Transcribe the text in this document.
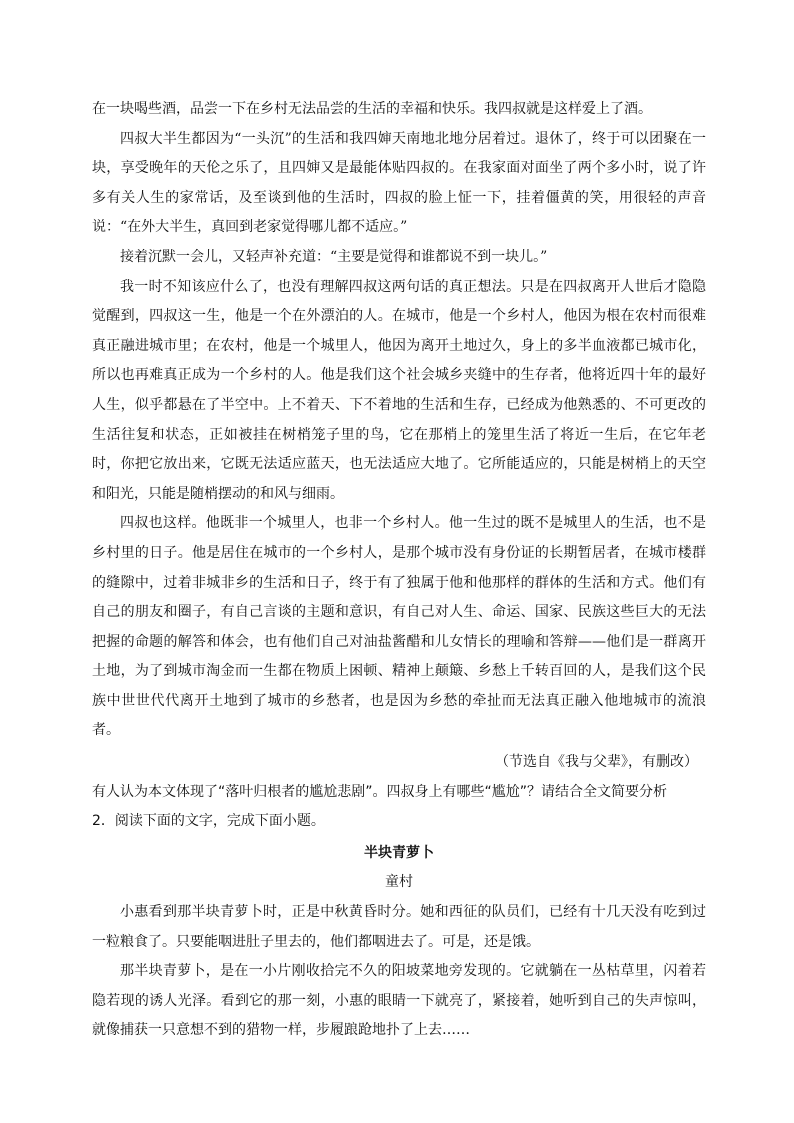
在一块喝些酒，品尝一下在乡村无法品尝的生活的幸福和快乐。我四叔就是这样爱上了酒。

四叔大半生都因为“一头沉”的生活和我四婶天南地北地分居着过。退休了，终于可以团聚在一块，享受晚年的天伦之乐了，且四婶又是最能体贴四叔的。在我家面对面坐了两个多小时，说了许多有关人生的家常话，及至谈到他的生活时，四叔的脸上怔一下，挂着僵黄的笑，用很轻的声音说：“在外大半生，真回到老家觉得哪儿都不适应。”

接着沉默一会儿，又轻声补充道：“主要是觉得和谁都说不到一块儿。”

我一时不知该应什么了，也没有理解四叔这两句话的真正想法。只是在四叔离开人世后才隐隐觉醒到，四叔这一生，他是一个在外漂泊的人。在城市，他是一个乡村人，他因为根在农村而很难真正融进城市里；在农村，他是一个城里人，他因为离开土地过久，身上的多半血液都已城市化，所以也再难真正成为一个乡村的人。他是我们这个社会城乡夹缝中的生存者，他将近四十年的最好人生，似乎都悬在了半空中。上不着天、下不着地的生活和生存，已经成为他熟悉的、不可更改的生活往复和状态，正如被挂在树梢笼子里的鸟，它在那梢上的笼里生活了将近一生后，在它年老时，你把它放出来，它既无法适应蓝天，也无法适应大地了。它所能适应的，只能是树梢上的天空和阳光，只能是随梢摆动的和风与细雨。

四叔也这样。他既非一个城里人，也非一个乡村人。他一生过的既不是城里人的生活，也不是乡村里的日子。他是居住在城市的一个乡村人，是那个城市没有身份证的长期暂居者，在城市楼群的缝隙中，过着非城非乡的生活和日子，终于有了独属于他和他那样的群体的生活和方式。他们有自己的朋友和圈子，有自己言谈的主题和意识，有自己对人生、命运、国家、民族这些巨大的无法把握的命题的解答和体会，也有他们自己对油盐酱醋和儿女情长的理喻和答辩——他们是一群离开土地，为了到城市淘金而一生都在物质上困顿、精神上颠簸、乡愁上千转百回的人，是我们这个民族中世世代代离开土地到了城市的乡愁者，也是因为乡愁的牵扯而无法真正融入他地城市的流浪者。

（节选自《我与父辈》，有删改）

有人认为本文体现了“落叶归根者的尴尬悲剧”。四叔身上有哪些“尴尬”？请结合全文简要分析

2．阅读下面的文字，完成下面小题。

半块青萝卜

童村

小惠看到那半块青萝卜时，正是中秋黄昏时分。她和西征的队员们，已经有十几天没有吃到过一粒粮食了。只要能咽进肚子里去的，他们都咽进去了。可是，还是饿。

那半块青萝卜，是在一小片刚收拾完不久的阳坡菜地旁发现的。它就躺在一丛枯草里，闪着若隐若现的诱人光泽。看到它的那一刻，小惠的眼睛一下就亮了，紧接着，她听到自己的失声惊叫，就像捕获一只意想不到的猎物一样，步履踉跄地扑了上去……
